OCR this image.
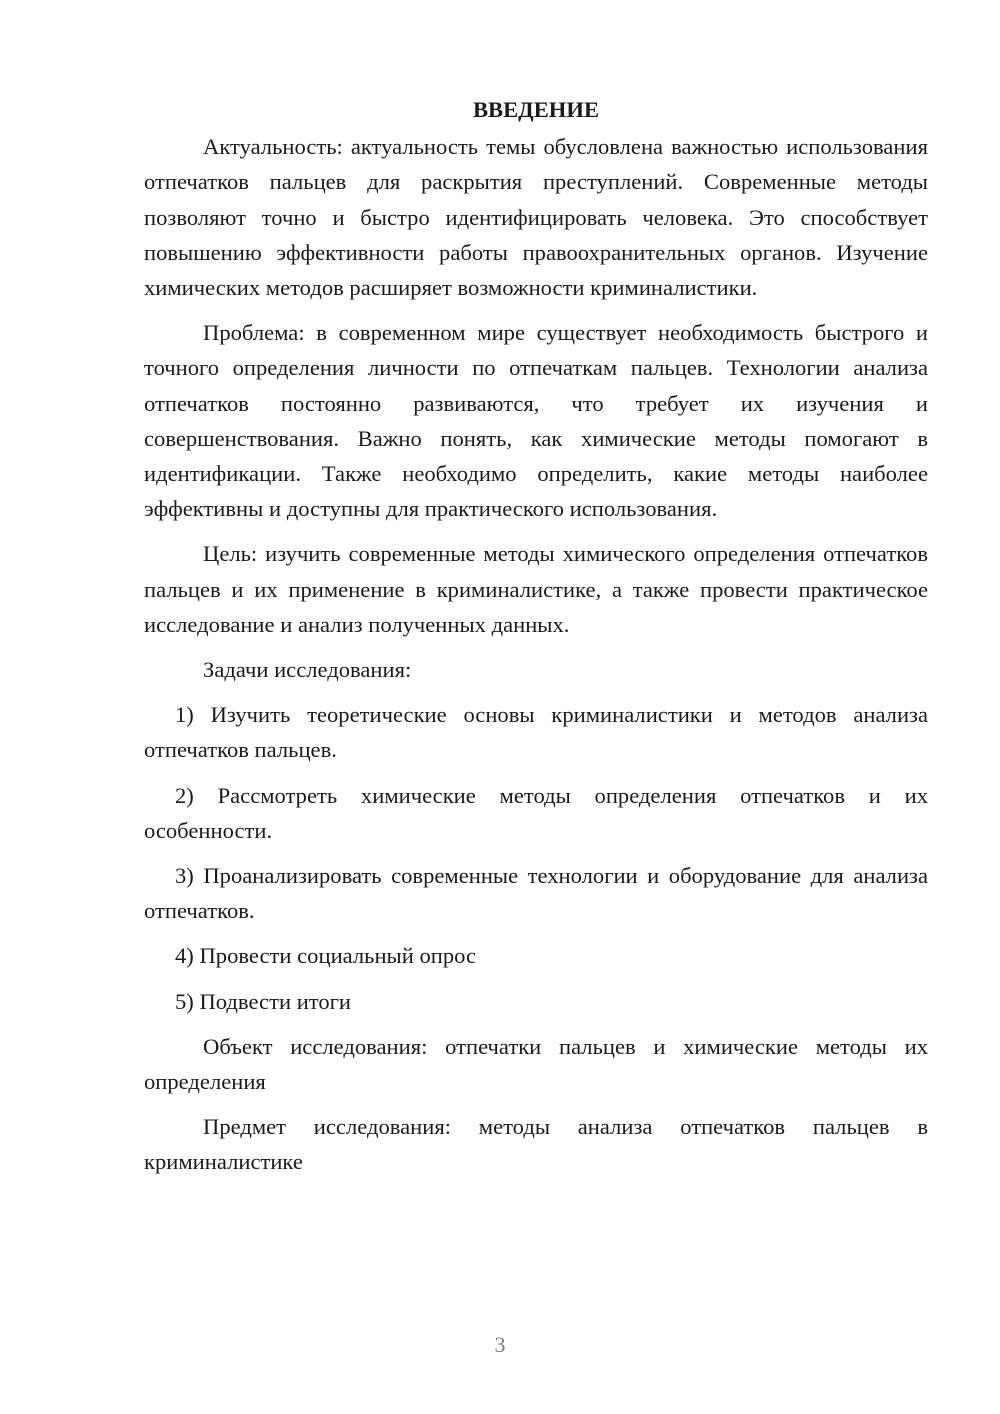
ВВЕДЕНИЕ

Актуальность: актуальность темы обусловлена важностью использования отпечатков пальцев для раскрытия преступлений. Современные методы позволяют точно и быстро идентифицировать человека. Это способствует повышению эффективности работы правоохранительных органов. Изучение химических методов расширяет возможности криминалистики.

Проблема: в современном мире существует необходимость быстрого и точного определения личности по отпечаткам пальцев. Технологии анализа отпечатков постоянно развиваются, что требует их изучения и совершенствования. Важно понять, как химические методы помогают в идентификации. Также необходимо определить, какие методы наиболее эффективны и доступны для практического использования.

Цель: изучить современные методы химического определения отпечатков пальцев и их применение в криминалистике, а также провести практическое исследование и анализ полученных данных.

Задачи исследования:

1) Изучить теоретические основы криминалистики и методов анализа отпечатков пальцев.

2) Рассмотреть химические методы определения отпечатков и их особенности.

3) Проанализировать современные технологии и оборудование для анализа отпечатков.

4) Провести социальный опрос

5) Подвести итоги

Объект исследования: отпечатки пальцев и химические методы их определения

Предмет исследования: методы анализа отпечатков пальцев в криминалистике

3
